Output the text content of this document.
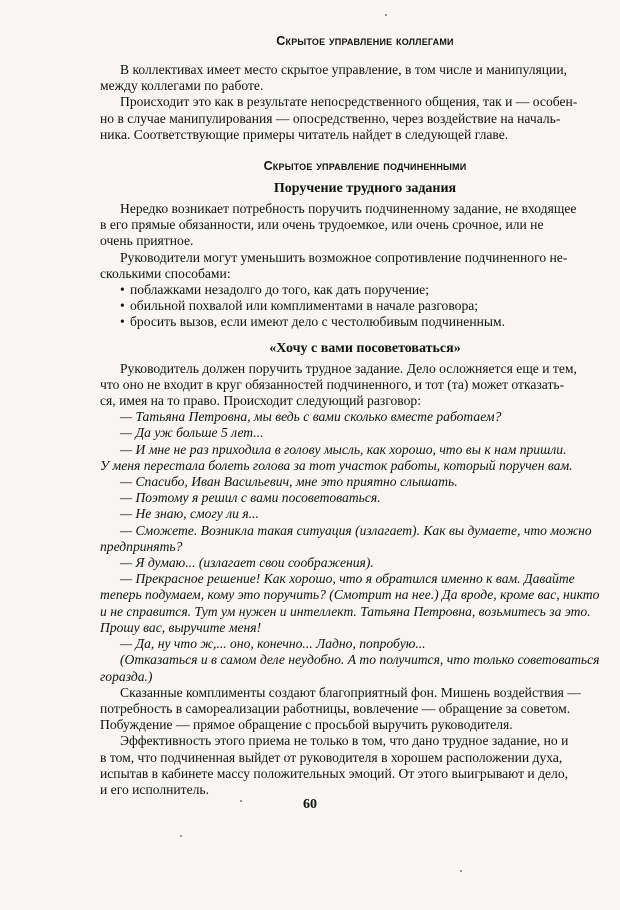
Скрытое управление коллегами

В коллективах имеет место скрытое управление, в том числе и манипуляции,

между коллегами по работе.

Происходит это как в результате непосредственного общения, так и — особен-

но в случае манипулирования — опосредственно, через воздействие на началь-

ника. Соответствующие примеры читатель найдет в следующей главе.

Скрытое управление подчиненными
Поручение трудного задания

Нередко возникает потребность поручить подчиненному задание, не входящее

в его прямые обязанности, или очень трудоемкое, или очень срочное, или не

очень приятное.

Руководители могут уменьшить возможное сопротивление подчиненного не-

сколькими способами:

• поблажками незадолго до того, как дать поручение;
• обильной похвалой или комплиментами в начале разговора;
• бросить вызов, если имеют дело с честолюбивым подчиненным.
«Хочу с вами посоветоваться»

Руководитель должен поручить трудное задание. Дело осложняется еще и тем,

что оно не входит в круг обязанностей подчиненного, и тот (та) может отказать-

ся, имея на то право. Происходит следующий разговор:

— Татьяна Петровна, мы ведь с вами сколько вместе работаем?

— Да уж больше 5 лет...

— И мне не раз приходила в голову мысль, как хорошо, что вы к нам пришли.

У меня перестала болеть голова за тот участок работы, который поручен вам.

— Спасибо, Иван Васильевич, мне это приятно слышать.

— Поэтому я решил с вами посоветоваться.

— Не знаю, смогу ли я...

— Сможете. Возникла такая ситуация (излагает). Как вы думаете, что можно

предпринять?

— Я думаю... (излагает свои соображения).

— Прекрасное решение! Как хорошо, что я обратился именно к вам. Давайте

теперь подумаем, кому это поручить? (Смотрит на нее.) Да вроде, кроме вас, никто

и не справится. Тут ум нужен и интеллект. Татьяна Петровна, возьмитесь за это.

Прошу вас, выручите меня!

— Да, ну что ж,... оно, конечно... Ладно, попробую...

(Отказаться и в самом деле неудобно. А то получится, что только советоваться

горазда.)

Сказанные комплименты создают благоприятный фон. Мишень воздействия —

потребность в самореализации работницы, вовлечение — обращение за советом.

Побуждение — прямое обращение с просьбой выручить руководителя.

Эффективность этого приема не только в том, что дано трудное задание, но и

в том, что подчиненная выйдет от руководителя в хорошем расположении духа,

испытав в кабинете массу положительных эмоций. От этого выигрывают и дело,

и его исполнитель.

60
